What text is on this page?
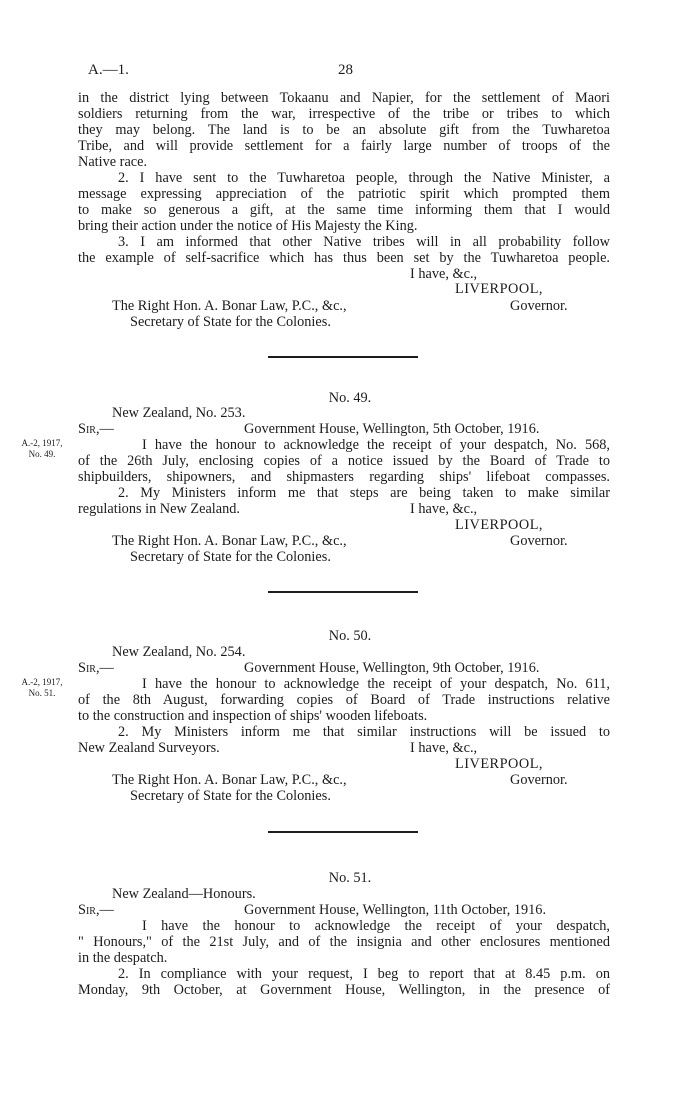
A.—1.	28
in the district lying between Tokaanu and Napier, for the settlement of Maori
soldiers returning from the war, irrespective of the tribe or tribes to which
they may belong. The land is to be an absolute gift from the Tuwharetoa
Tribe, and will provide settlement for a fairly large number of troops of the
Native race.
2. I have sent to the Tuwharetoa people, through the Native Minister, a
message expressing appreciation of the patriotic spirit which prompted them
to make so generous a gift, at the same time informing them that I would
bring their action under the notice of His Majesty the King.
3. I am informed that other Native tribes will in all probability follow
the example of self-sacrifice which has thus been set by the Tuwharetoa people.
I have, &c.,
LIVERPOOL,
The Right Hon. A. Bonar Law, P.C., &c.,	Governor.
Secretary of State for the Colonies.
No. 49.
New Zealand, No. 253.
Sir,—	Government House, Wellington, 5th October, 1916.
A.-2, 1917,
No. 49.
I have the honour to acknowledge the receipt of your despatch, No. 568,
of the 26th July, enclosing copies of a notice issued by the Board of Trade to
shipbuilders, shipowners, and shipmasters regarding ships' lifeboat compasses.
2. My Ministers inform me that steps are being taken to make similar
regulations in New Zealand.	I have, &c.,
LIVERPOOL,
The Right Hon. A. Bonar Law, P.C., &c.,	Governor.
Secretary of State for the Colonies.
No. 50.
New Zealand, No. 254.
Sir,—	Government House, Wellington, 9th October, 1916.
A.-2, 1917,
No. 51.
I have the honour to acknowledge the receipt of your despatch, No. 611,
of the 8th August, forwarding copies of Board of Trade instructions relative
to the construction and inspection of ships' wooden lifeboats.
2. My Ministers inform me that similar instructions will be issued to
New Zealand Surveyors.	I have, &c.,
LIVERPOOL,
The Right Hon. A. Bonar Law, P.C., &c.,	Governor.
Secretary of State for the Colonies.
No. 51.
New Zealand—Honours.
Sir,—	Government House, Wellington, 11th October, 1916.
I have the honour to acknowledge the receipt of your despatch,
" Honours," of the 21st July, and of the insignia and other enclosures mentioned
in the despatch.
2. In compliance with your request, I beg to report that at 8.45 p.m. on
Monday, 9th October, at Government House, Wellington, in the presence of
